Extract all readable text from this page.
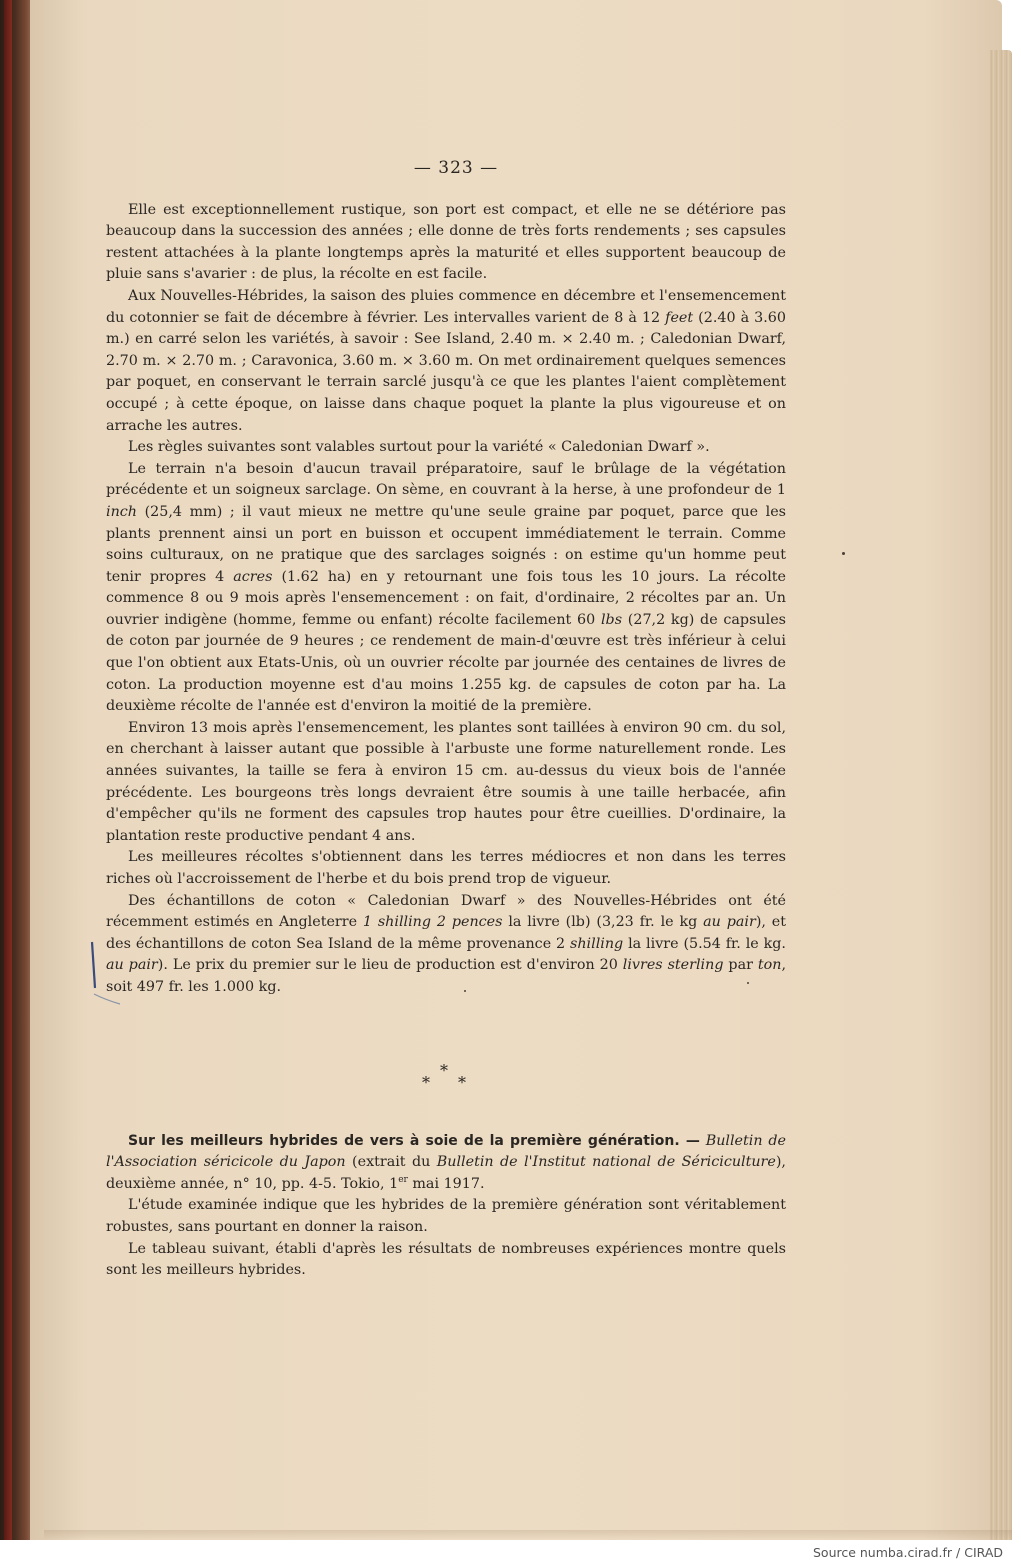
— 323 —

Elle est exceptionnellement rustique, son port est compact, et elle ne se détériore pas beaucoup dans la succession des années ; elle donne de très forts rendements ; ses capsules restent attachées à la plante longtemps après la maturité et elles supportent beaucoup de pluie sans s'avarier : de plus, la récolte en est facile.

Aux Nouvelles-Hébrides, la saison des pluies commence en décembre et l'ensemencement du cotonnier se fait de décembre à février. Les intervalles varient de 8 à 12 feet (2.40 à 3.60 m.) en carré selon les variétés, à savoir : See Island, 2.40 m. × 2.40 m. ; Caledonian Dwarf, 2.70 m. × 2.70 m. ; Caravonica, 3.60 m. × 3.60 m. On met ordinairement quelques semences par poquet, en conservant le terrain sarclé jusqu'à ce que les plantes l'aient complètement occupé ; à cette époque, on laisse dans chaque poquet la plante la plus vigoureuse et on arrache les autres.

Les règles suivantes sont valables surtout pour la variété « Caledonian Dwarf ».

Le terrain n'a besoin d'aucun travail préparatoire, sauf le brûlage de la végétation précédente et un soigneux sarclage. On sème, en couvrant à la herse, à une profondeur de 1 inch (25,4 mm) ; il vaut mieux ne mettre qu'une seule graine par poquet, parce que les plants prennent ainsi un port en buisson et occupent immédiatement le terrain. Comme soins culturaux, on ne pratique que des sarclages soignés : on estime qu'un homme peut tenir propres 4 acres (1.62 ha) en y retournant une fois tous les 10 jours. La récolte commence 8 ou 9 mois après l'ensemencement : on fait, d'ordinaire, 2 récoltes par an. Un ouvrier indigène (homme, femme ou enfant) récolte facilement 60 lbs (27,2 kg) de capsules de coton par journée de 9 heures ; ce rendement de main-d'œuvre est très inférieur à celui que l'on obtient aux Etats-Unis, où un ouvrier récolte par journée des centaines de livres de coton. La production moyenne est d'au moins 1.255 kg. de capsules de coton par ha. La deuxième récolte de l'année est d'environ la moitié de la première.

Environ 13 mois après l'ensemencement, les plantes sont taillées à environ 90 cm. du sol, en cherchant à laisser autant que possible à l'arbuste une forme naturellement ronde. Les années suivantes, la taille se fera à environ 15 cm. au-dessus du vieux bois de l'année précédente. Les bourgeons très longs devraient être soumis à une taille herbacée, afin d'empêcher qu'ils ne forment des capsules trop hautes pour être cueillies. D'ordinaire, la plantation reste productive pendant 4 ans.

Les meilleures récoltes s'obtiennent dans les terres médiocres et non dans les terres riches où l'accroissement de l'herbe et du bois prend trop de vigueur.

Des échantillons de coton « Caledonian Dwarf » des Nouvelles-Hébrides ont été récemment estimés en Angleterre 1 shilling 2 pences la livre (lb) (3,23 fr. le kg au pair), et des échantillons de coton Sea Island de la même provenance 2 shilling la livre (5.54 fr. le kg. au pair). Le prix du premier sur le lieu de production est d'environ 20 livres sterling par ton, soit 497 fr. les 1.000 kg.

*
* *

Sur les meilleurs hybrides de vers à soie de la première génération. — Bulletin de l'Association séricicole du Japon (extrait du Bulletin de l'Institut national de Sériciculture), deuxième année, n° 10, pp. 4-5. Tokio, 1er mai 1917.

L'étude examinée indique que les hybrides de la première génération sont véritablement robustes, sans pourtant en donner la raison.

Le tableau suivant, établi d'après les résultats de nombreuses expériences montre quels sont les meilleurs hybrides.

Source numba.cirad.fr / CIRAD
